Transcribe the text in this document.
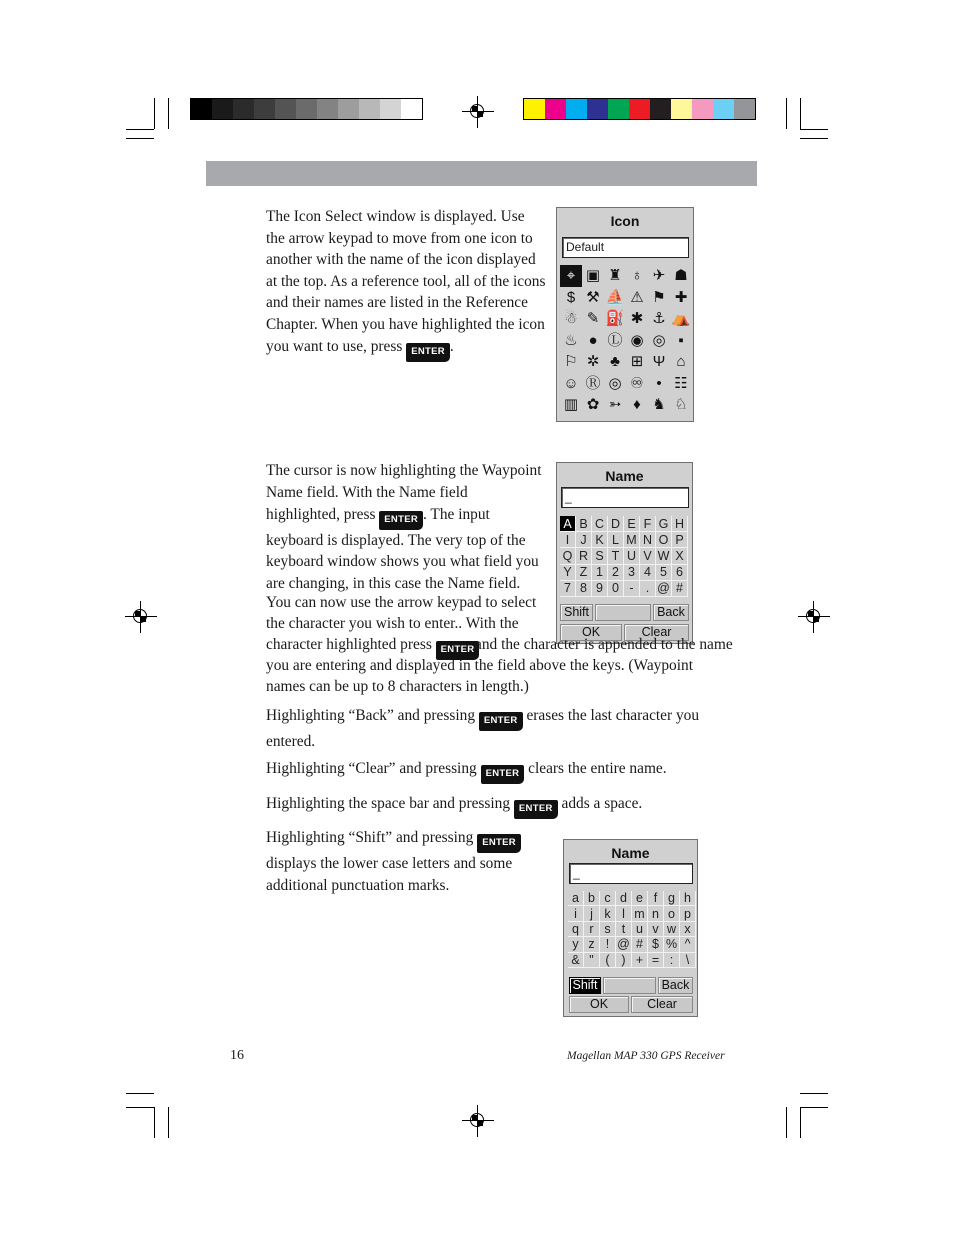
The Icon Select window is displayed. Use the arrow keypad to move from one icon to another with the name of the icon displayed at the top. As a reference tool, all of the icons and their names are listed in the Reference Chapter. When you have highlighted the icon you want to use, press ENTER .

Icon
Default
⌖ ▣ ♜ ♁ ✈ ☗
$ ⚒ ⛵ ⚠ ⚑ ✚
☃ ✎ ⛽ ✱ ⚓ ⛺
♨ ● Ⓛ ◉ ◎ ▪
⚐ ✲ ♣ ⊞ Ψ ⌂
☺ Ⓡ ◎ ♾ • ☷
▥ ✿ ➳ ♦ ♞ ♘

The cursor is now highlighting the Waypoint Name field. With the Name field highlighted, press ENTER . The input keyboard is displayed. The very top of the keyboard window shows you what field you are changing, in this case the Name field.

Name
_
A B C D E F G H
I J K L M N O P
Q R S T U V W X
Y Z 1 2 3 4 5 6
7 8 9 0 - . @ #
Shift	Back
OK	Clear

You can now use the arrow keypad to select the character you wish to enter.. With the character highlighted press ENTER and the character is appended to the name you are entering and displayed in the field above the keys. (Waypoint names can be up to 8 characters in length.)

Highlighting “Back” and pressing ENTER erases the last character you entered.

Highlighting “Clear” and pressing ENTER clears the entire name.

Highlighting the space bar and pressing ENTER adds a space.

Highlighting “Shift” and pressing ENTER displays the lower case letters and some additional punctuation marks.

Name
_
a b c d e f g h
i	j k l m n o p
q r s t u v w x
y z ! @ # $ % ^
& " ( ) + = :	\
Shift	Back
OK	Clear
16	Magellan MAP 330 GPS Receiver
